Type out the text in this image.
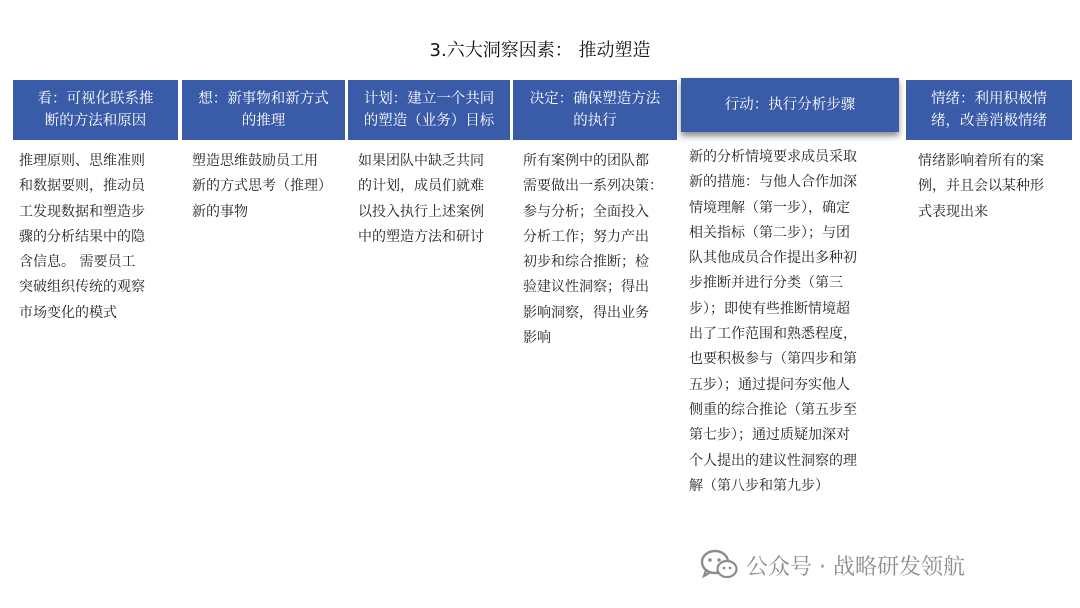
3.六大洞察因素： 推动塑造
看：可视化联系推断的方法和原因
推理原则、思维准则
和数据要则，推动员
工发现数据和塑造步
骤的分析结果中的隐
含信息。 需要员工
突破组织传统的观察
市场变化的模式
想：新事物和新方式的推理
塑造思维鼓励员工用
新的方式思考（推理）
新的事物
计划：建立一个共同的塑造（业务）目标
如果团队中缺乏共同
的计划，成员们就难
以投入执行上述案例
中的塑造方法和研讨
决定：确保塑造方法的执行
所有案例中的团队都
需要做出一系列决策：
参与分析；全面投入
分析工作；努力产出
初步和综合推断；检
验建议性洞察；得出
影响洞察，得出业务
影响
行动：执行分析步骤
新的分析情境要求成员采取
新的措施：与他人合作加深
情境理解（第一步），确定
相关指标（第二步）；与团
队其他成员合作提出多种初
步推断并进行分类（第三
步）；即使有些推断情境超
出了工作范围和熟悉程度，
也要积极参与（第四步和第
五步）；通过提问夯实他人
侧重的综合推论（第五步至
第七步）；通过质疑加深对
个人提出的建议性洞察的理
解（第八步和第九步）
情绪：利用积极情绪，改善消极情绪
情绪影响着所有的案
例，并且会以某种形
式表现出来
公众号 · 战略研发领航
